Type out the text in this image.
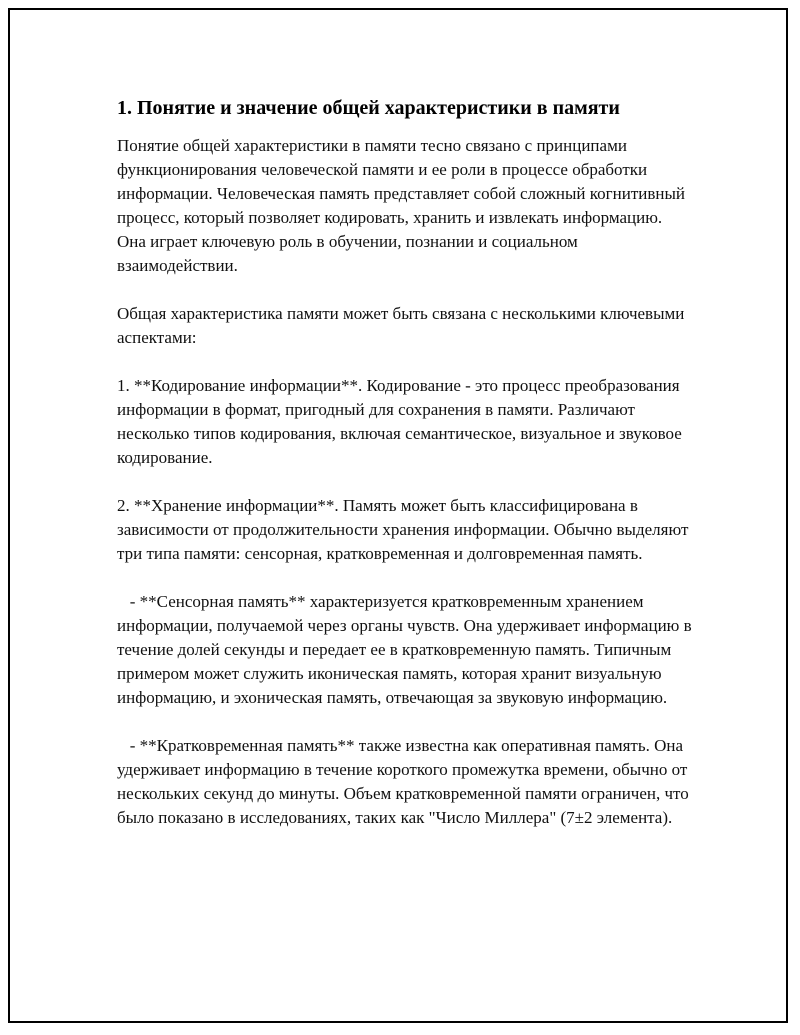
1. Понятие и значение общей характеристики в памяти

Понятие общей характеристики в памяти тесно связано с принципами функционирования человеческой памяти и ее роли в процессе обработки информации. Человеческая память представляет собой сложный когнитивный процесс, который позволяет кодировать, хранить и извлекать информацию. Она играет ключевую роль в обучении, познании и социальном взаимодействии.

Общая характеристика памяти может быть связана с несколькими ключевыми аспектами:

1. **Кодирование информации**. Кодирование - это процесс преобразования информации в формат, пригодный для сохранения в памяти. Различают несколько типов кодирования, включая семантическое, визуальное и звуковое кодирование.

2. **Хранение информации**. Память может быть классифицирована в зависимости от продолжительности хранения информации. Обычно выделяют три типа памяти: сенсорная, кратковременная и долговременная память.

- **Сенсорная память** характеризуется кратковременным хранением информации, получаемой через органы чувств. Она удерживает информацию в течение долей секунды и передает ее в кратковременную память. Типичным примером может служить иконическая память, которая хранит визуальную информацию, и эхоническая память, отвечающая за звуковую информацию.

- **Кратковременная память** также известна как оперативная память. Она удерживает информацию в течение короткого промежутка времени, обычно от нескольких секунд до минуты. Объем кратковременной памяти ограничен, что было показано в исследованиях, таких как "Число Миллера" (7±2 элемента).
